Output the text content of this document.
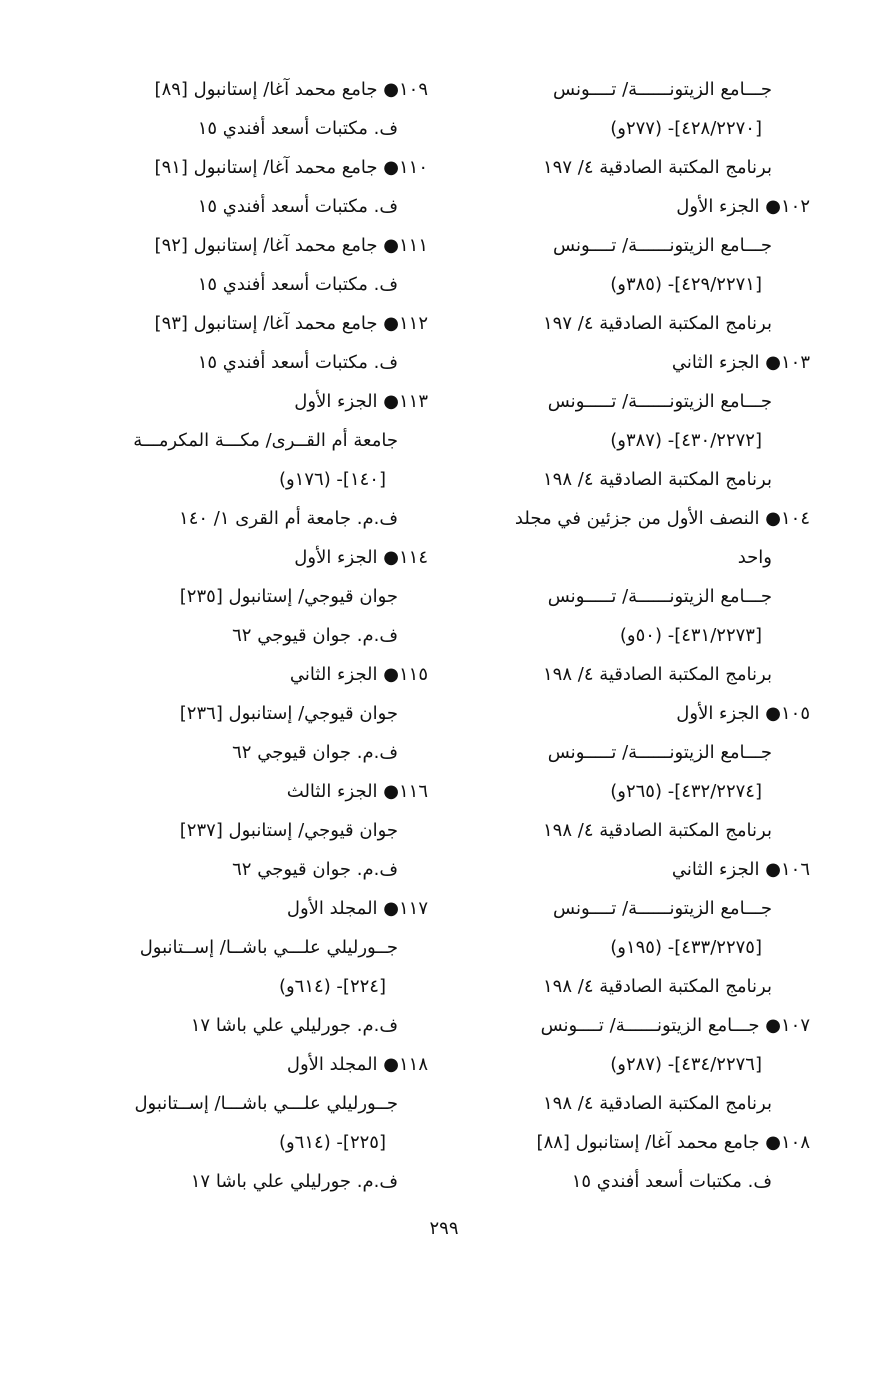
جـــامع الزيتونــــــة/ تــــونس
[٤٢٨/٢٢٧٠]- (٢٧٧و)
برنامج المكتبة الصادقية ٤/ ١٩٧
١٠٢● الجزء الأول
جـــامع الزيتونــــــة/ تــــونس
[٤٢٩/٢٢٧١]- (٣٨٥و)
برنامج المكتبة الصادقية ٤/ ١٩٧
١٠٣● الجزء الثاني
جـــامع الزيتونــــــة/ تـــــونس
[٤٣٠/٢٢٧٢]- (٣٨٧و)
برنامج المكتبة الصادقية ٤/ ١٩٨
١٠٤● النصف الأول من جزئين في مجلد
واحد
جـــامع الزيتونــــــة/ تـــــونس
[٤٣١/٢٢٧٣]- (٥٠و)
برنامج المكتبة الصادقية ٤/ ١٩٨
١٠٥● الجزء الأول
جـــامع الزيتونــــــة/ تـــــونس
[٤٣٢/٢٢٧٤]- (٢٦٥و)
برنامج المكتبة الصادقية ٤/ ١٩٨
١٠٦● الجزء الثاني
جـــامع الزيتونــــــة/ تــــونس
[٤٣٣/٢٢٧٥]- (١٩٥و)
برنامج المكتبة الصادقية ٤/ ١٩٨
١٠٧● جـــامع الزيتونــــــة/ تــــونس
[٤٣٤/٢٢٧٦]- (٢٨٧و)
برنامج المكتبة الصادقية ٤/ ١٩٨
١٠٨● جامع محمد آغا/ إستانبول [٨٨]
ف. مكتبات أسعد أفندي ١٥
١٠٩● جامع محمد آغا/ إستانبول [٨٩]
ف. مكتبات أسعد أفندي ١٥
١١٠● جامع محمد آغا/ إستانبول [٩١]
ف. مكتبات أسعد أفندي ١٥
١١١● جامع محمد آغا/ إستانبول [٩٢]
ف. مكتبات أسعد أفندي ١٥
١١٢● جامع محمد آغا/ إستانبول [٩٣]
ف. مكتبات أسعد أفندي ١٥
١١٣● الجزء الأول
جامعة أم القــرى/ مكـــة المكرمـــة
[١٤٠]- (١٧٦و)
ف.م. جامعة أم القرى ١/ ١٤٠
١١٤● الجزء الأول
جوان قيوجي/ إستانبول [٢٣٥]
ف.م. جوان قيوجي ٦٢
١١٥● الجزء الثاني
جوان قيوجي/ إستانبول [٢٣٦]
ف.م. جوان قيوجي ٦٢
١١٦● الجزء الثالث
جوان قيوجي/ إستانبول [٢٣٧]
ف.م. جوان قيوجي ٦٢
١١٧● المجلد الأول
جــورليلي علـــي باشــا/ إســتانبول
[٢٢٤]- (٦١٤و)
ف.م. جورليلي علي باشا ١٧
١١٨● المجلد الأول
جــورليلي علـــي باشـــا/ إســتانبول
[٢٢٥]- (٦١٤و)
ف.م. جورليلي علي باشا ١٧
٢٩٩
